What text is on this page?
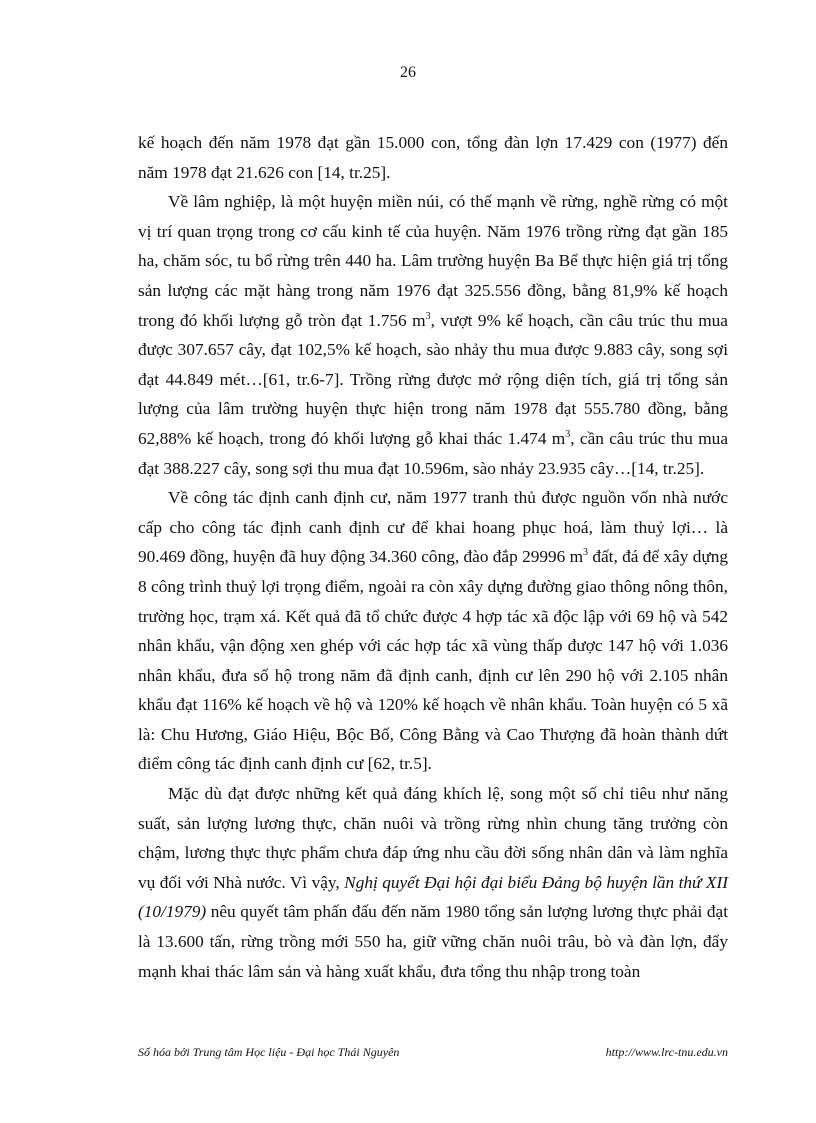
26

kế hoạch đến năm 1978 đạt gần 15.000 con, tổng đàn lợn 17.429 con (1977) đến năm 1978 đạt 21.626 con [14, tr.25].

Về lâm nghiệp, là một huyện miền núi, có thế mạnh về rừng, nghề rừng có một vị trí quan trọng trong cơ cấu kinh tế của huyện. Năm 1976 trồng rừng đạt gần 185 ha, chăm sóc, tu bổ rừng trên 440 ha. Lâm trường huyện Ba Bể thực hiện giá trị tổng sản lượng các mặt hàng trong năm 1976 đạt 325.556 đồng, bằng 81,9% kế hoạch trong đó khối lượng gỗ tròn đạt 1.756 $m^3$, vượt 9% kế hoạch, cần câu trúc thu mua được 307.657 cây, đạt 102,5% kế hoạch, sào nhảy thu mua được 9.883 cây, song sợi đạt 44.849 mét…[61, tr.6-7]. Trồng rừng được mở rộng diện tích, giá trị tổng sản lượng của lâm trường huyện thực hiện trong năm 1978 đạt 555.780 đồng, bằng 62,88% kế hoạch, trong đó khối lượng gỗ khai thác 1.474 $m^3$, cần câu trúc thu mua đạt 388.227 cây, song sợi thu mua đạt 10.596m, sào nhảy 23.935 cây…[14, tr.25].

Về công tác định canh định cư, năm 1977 tranh thủ được nguồn vốn nhà nước cấp cho công tác định canh định cư để khai hoang phục hoá, làm thuỷ lợi… là 90.469 đồng, huyện đã huy động 34.360 công, đào đắp 29996 $m^3$ đất, đá để xây dựng 8 công trình thuỷ lợi trọng điểm, ngoài ra còn xây dựng đường giao thông nông thôn, trường học, trạm xá. Kết quả đã tổ chức được 4 hợp tác xã độc lập với 69 hộ và 542 nhân khẩu, vận động xen ghép với các hợp tác xã vùng thấp được 147 hộ với 1.036 nhân khẩu, đưa số hộ trong năm đã định canh, định cư lên 290 hộ với 2.105 nhân khẩu đạt 116% kế hoạch về hộ và 120% kế hoạch về nhân khẩu. Toàn huyện có 5 xã là: Chu Hương, Giáo Hiệu, Bộc Bố, Công Bằng và Cao Thượng đã hoàn thành dứt điểm công tác định canh định cư [62, tr.5].

Mặc dù đạt được những kết quả đáng khích lệ, song một số chỉ tiêu như năng suất, sản lượng lương thực, chăn nuôi và trồng rừng nhìn chung tăng trưởng còn chậm, lương thực thực phẩm chưa đáp ứng nhu cầu đời sống nhân dân và làm nghĩa vụ đối với Nhà nước. Vì vậy, Nghị quyết Đại hội đại biểu Đảng bộ huyện lần thứ XII (10/1979) nêu quyết tâm phấn đấu đến năm 1980 tổng sản lượng lương thực phải đạt là 13.600 tấn, rừng trồng mới 550 ha, giữ vững chăn nuôi trâu, bò và đàn lợn, đẩy mạnh khai thác lâm sản và hàng xuất khẩu, đưa tổng thu nhập trong toàn

Số hóa bởi Trung tâm Học liệu - Đại học Thái Nguyên	http://www.lrc-tnu.edu.vn
